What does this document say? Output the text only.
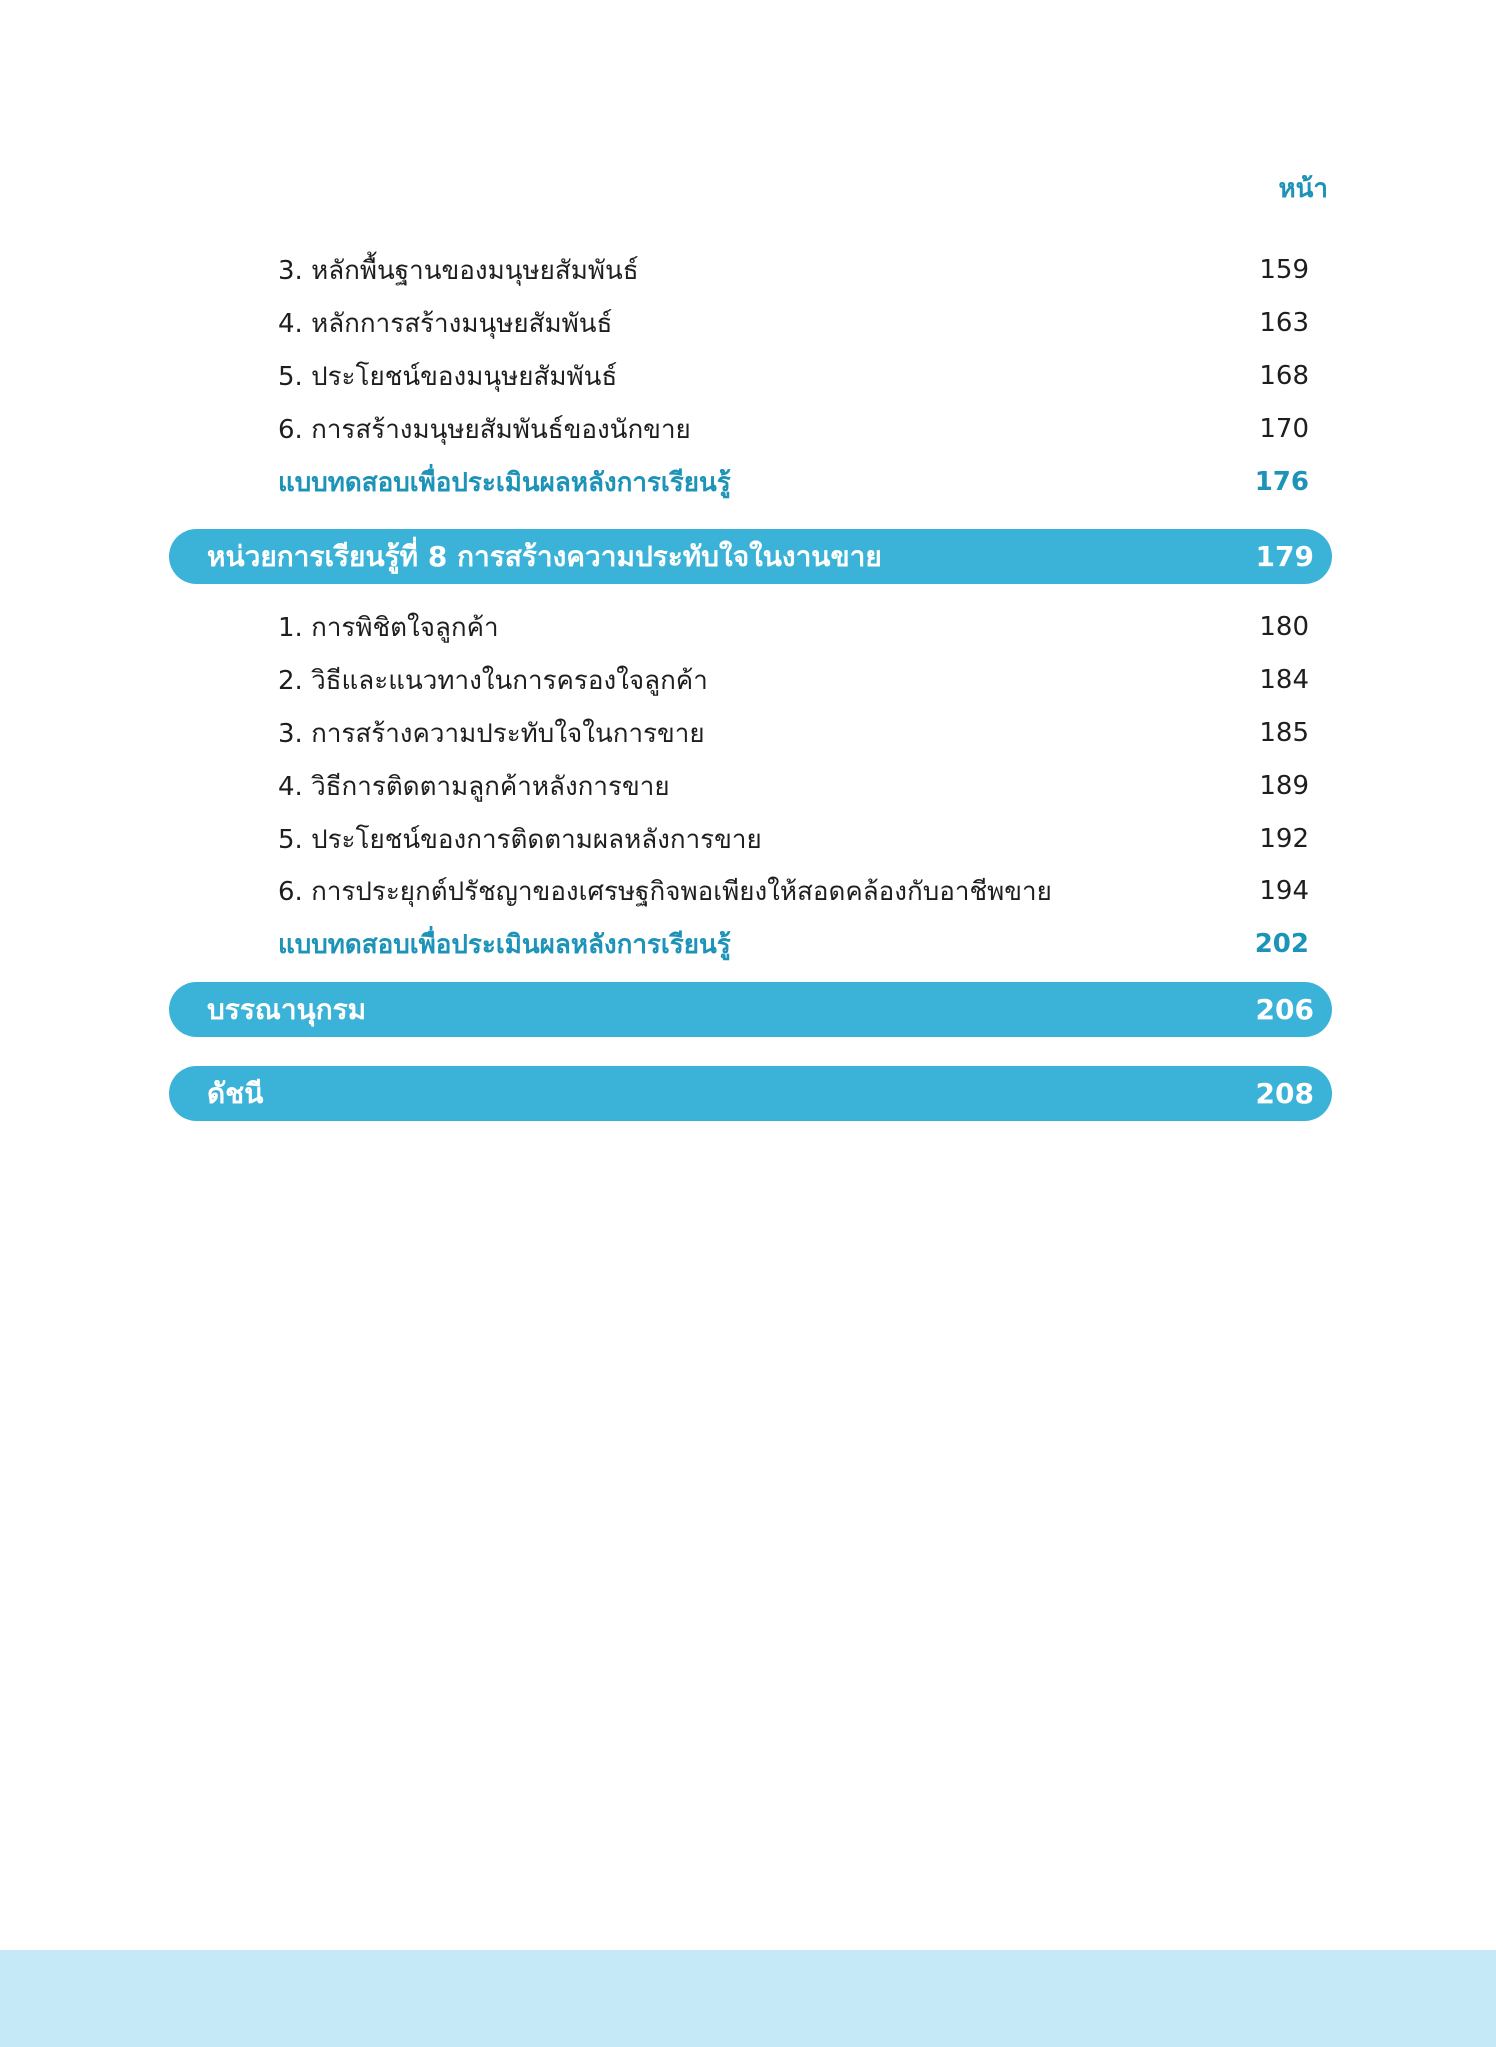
หน้า
3. หลักพื้นฐานของมนุษยสัมพันธ์	159
4. หลักการสร้างมนุษยสัมพันธ์	163
5. ประโยชน์ของมนุษยสัมพันธ์	168
6. การสร้างมนุษยสัมพันธ์ของนักขาย	170
แบบทดสอบเพื่อประเมินผลหลังการเรียนรู้	176
หน่วยการเรียนรู้ที่ 8 การสร้างความประทับใจในงานขาย	179
1. การพิชิตใจลูกค้า	180
2. วิธีและแนวทางในการครองใจลูกค้า	184
3. การสร้างความประทับใจในการขาย	185
4. วิธีการติดตามลูกค้าหลังการขาย	189
5. ประโยชน์ของการติดตามผลหลังการขาย	192
6. การประยุกต์ปรัชญาของเศรษฐกิจพอเพียงให้สอดคล้องกับอาชีพขาย	194
แบบทดสอบเพื่อประเมินผลหลังการเรียนรู้	202
บรรณานุกรม	206
ดัชนี	208
